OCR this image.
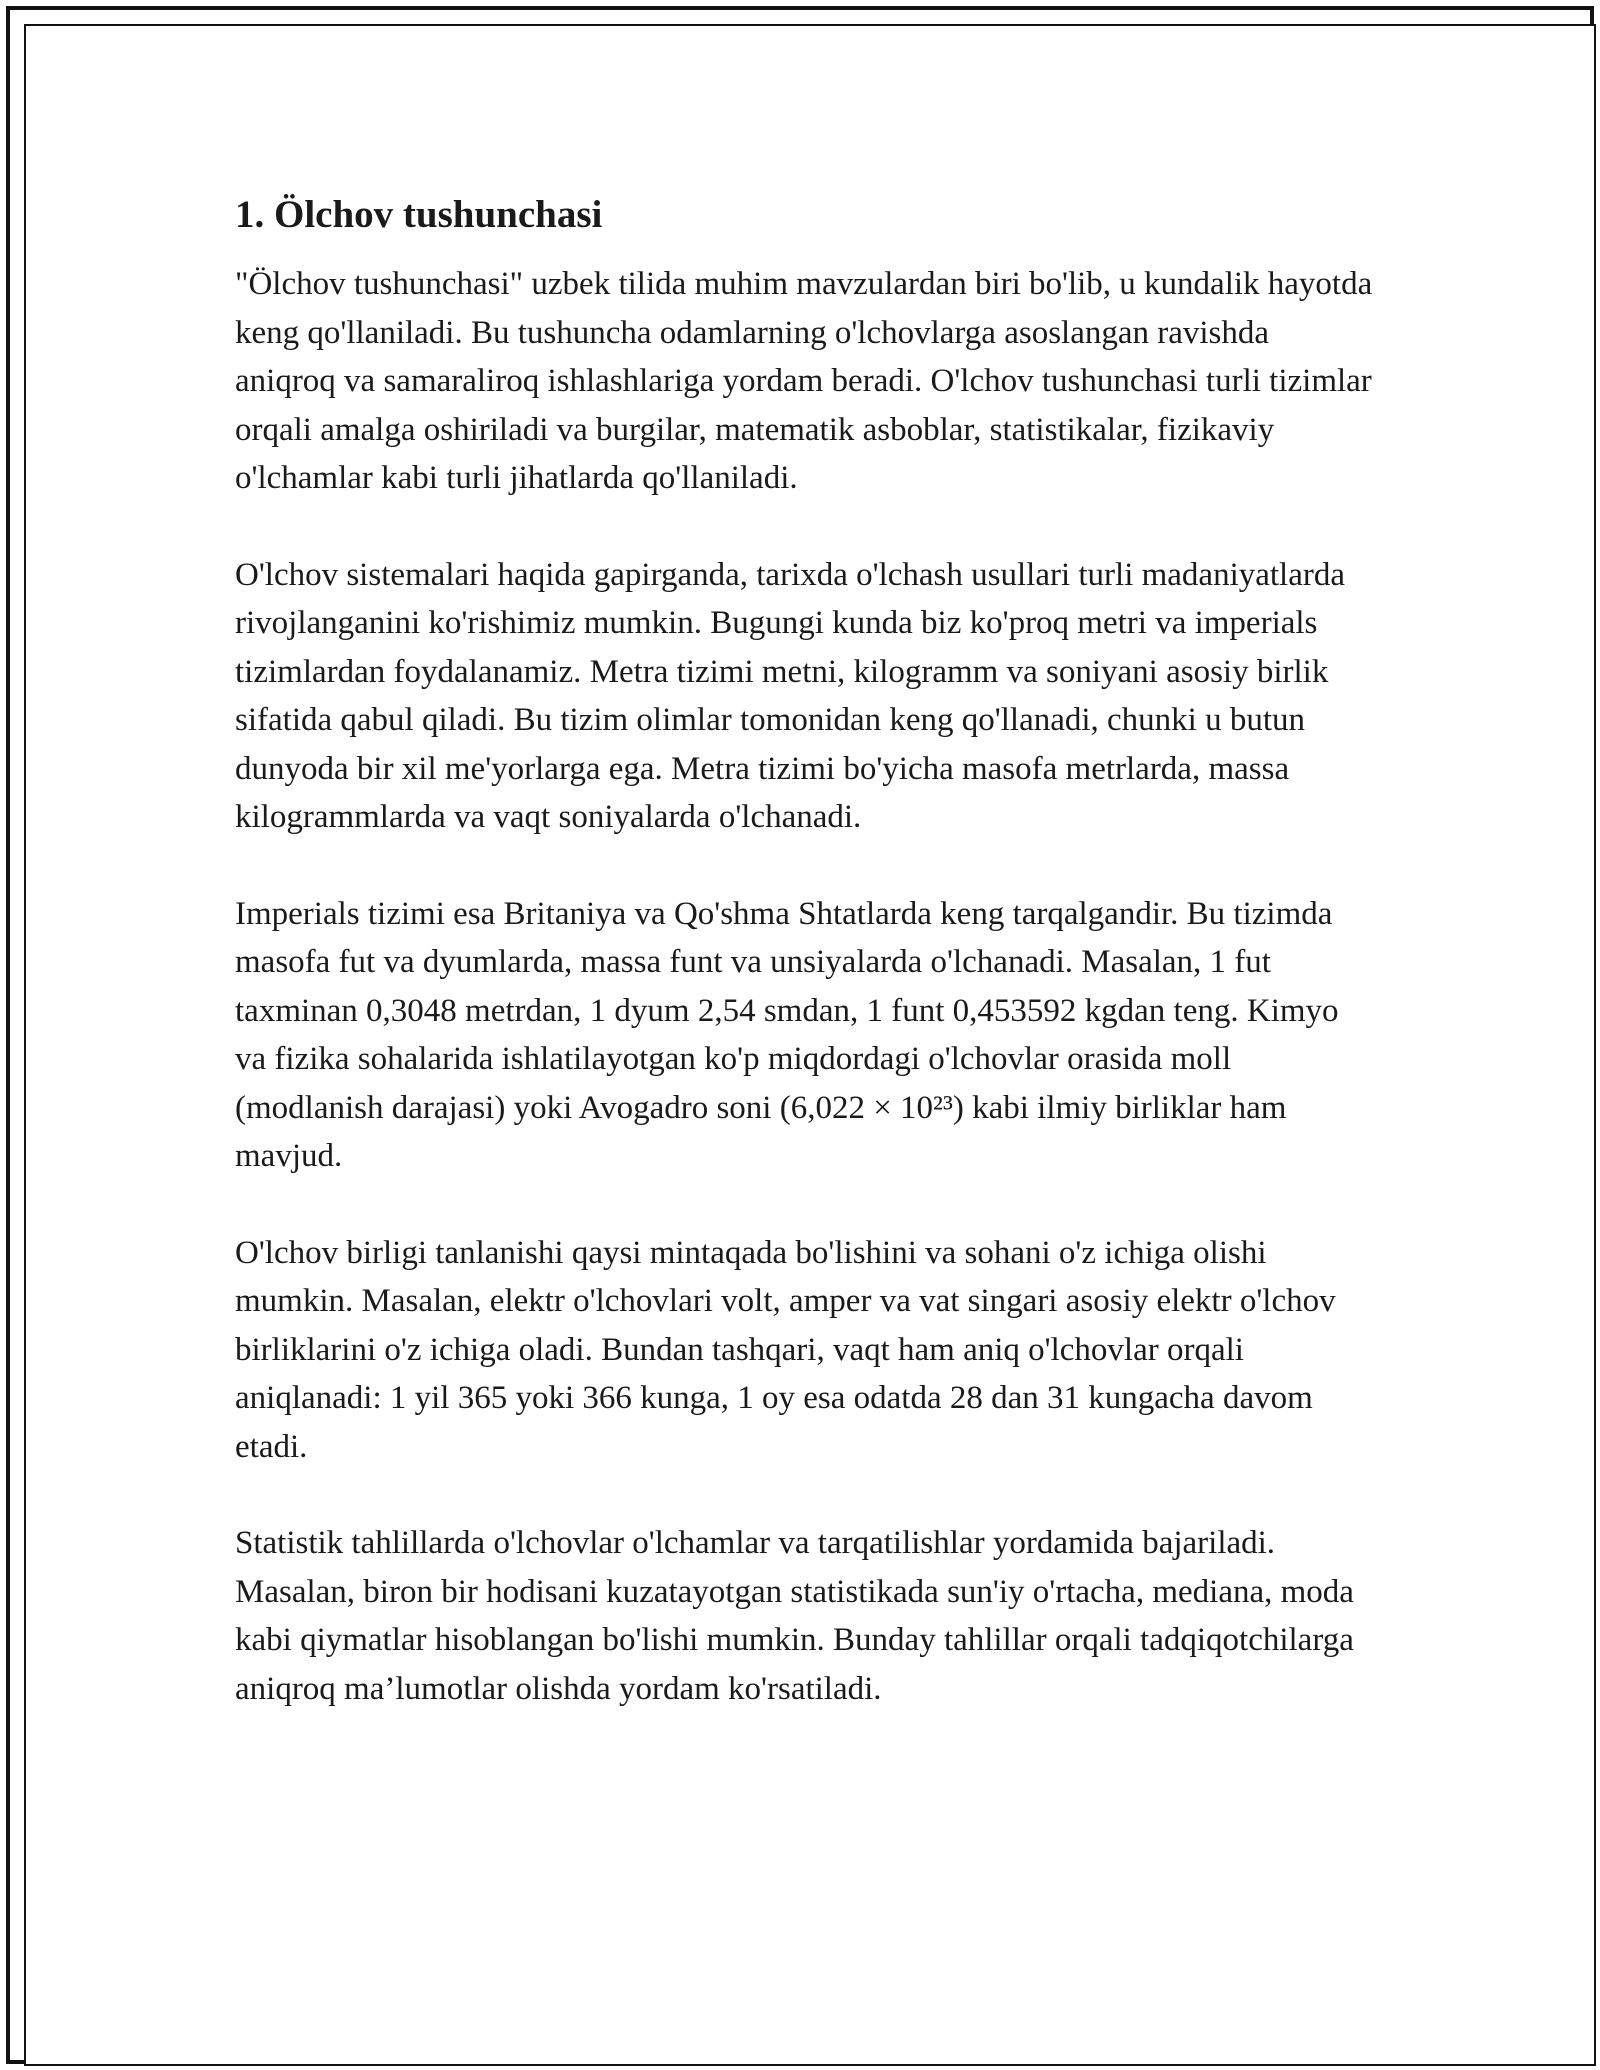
1. Ölchov tushunchasi

"Ölchov tushunchasi" uzbek tilida muhim mavzulardan biri bo'lib, u kundalik hayotda keng qo'llaniladi. Bu tushuncha odamlarning o'lchovlarga asoslangan ravishda aniqroq va samaraliroq ishlashlariga yordam beradi. O'lchov tushunchasi turli tizimlar orqali amalga oshiriladi va burgilar, matematik asboblar, statistikalar, fizikaviy o'lchamlar kabi turli jihatlarda qo'llaniladi.

O'lchov sistemalari haqida gapirganda, tarixda o'lchash usullari turli madaniyatlarda rivojlanganini ko'rishimiz mumkin. Bugungi kunda biz ko'proq metri va imperials tizimlardan foydalanamiz. Metra tizimi metni, kilogramm va soniyani asosiy birlik sifatida qabul qiladi. Bu tizim olimlar tomonidan keng qo'llanadi, chunki u butun dunyoda bir xil me'yorlarga ega. Metra tizimi bo'yicha masofa metrlarda, massa kilogrammlarda va vaqt soniyalarda o'lchanadi.

Imperials tizimi esa Britaniya va Qo'shma Shtatlarda keng tarqalgandir. Bu tizimda masofa fut va dyumlarda, massa funt va unsiyalarda o'lchanadi. Masalan, 1 fut taxminan 0,3048 metrdan, 1 dyum 2,54 smdan, 1 funt 0,453592 kgdan teng. Kimyo va fizika sohalarida ishlatilayotgan ko'p miqdordagi o'lchovlar orasida moll (modlanish darajasi) yoki Avogadro soni (6,022 × 10²³) kabi ilmiy birliklar ham mavjud.

O'lchov birligi tanlanishi qaysi mintaqada bo'lishini va sohani o'z ichiga olishi mumkin. Masalan, elektr o'lchovlari volt, amper va vat singari asosiy elektr o'lchov birliklarini o'z ichiga oladi. Bundan tashqari, vaqt ham aniq o'lchovlar orqali aniqlanadi: 1 yil 365 yoki 366 kunga, 1 oy esa odatda 28 dan 31 kungacha davom etadi.

Statistik tahlillarda o'lchovlar o'lchamlar va tarqatilishlar yordamida bajariladi. Masalan, biron bir hodisani kuzatayotgan statistikada sun'iy o'rtacha, mediana, moda kabi qiymatlar hisoblangan bo'lishi mumkin. Bunday tahlillar orqali tadqiqotchilarga aniqroq ma’lumotlar olishda yordam ko'rsatiladi.
